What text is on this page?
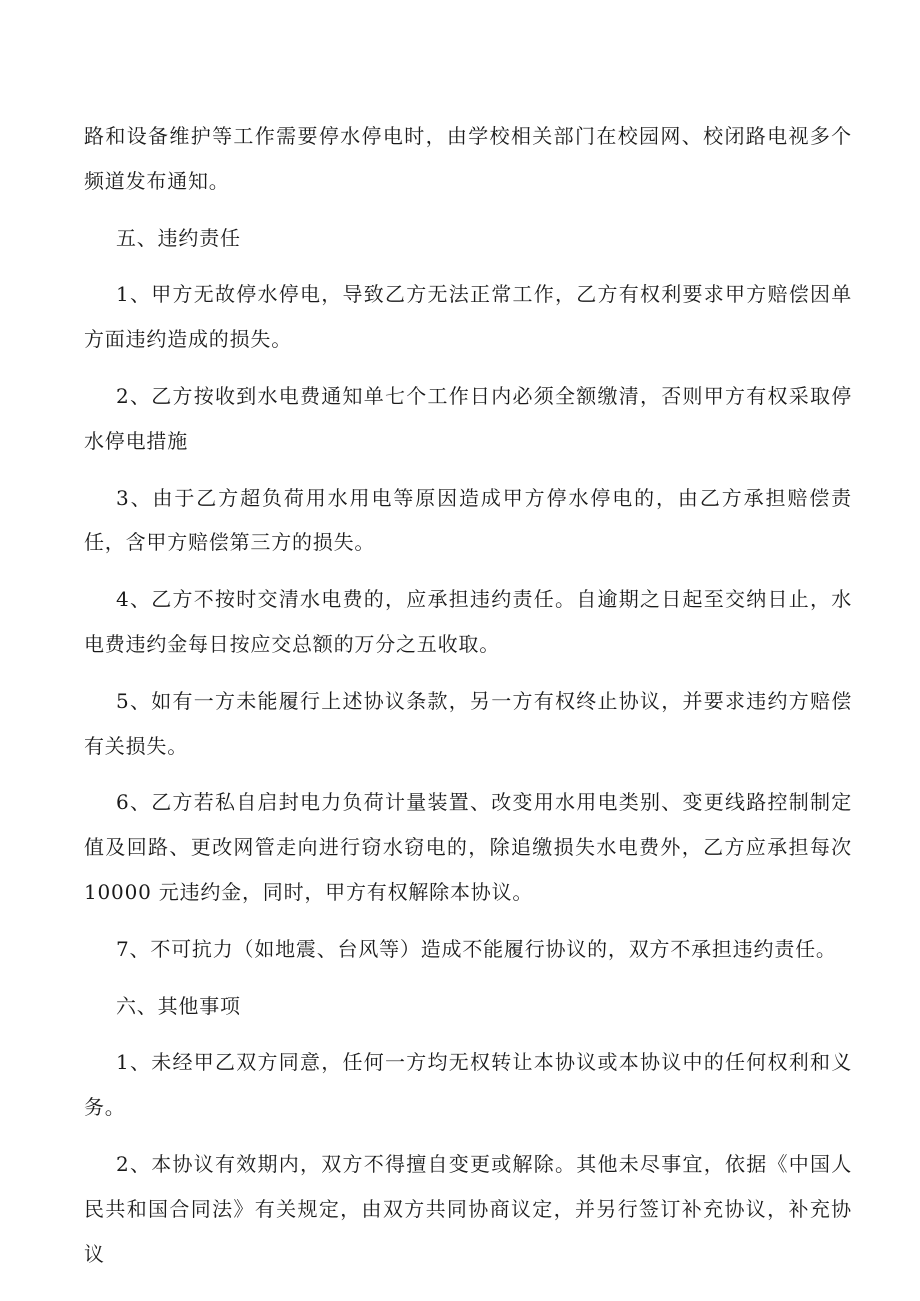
路和设备维护等工作需要停水停电时，由学校相关部门在校园网、校闭路电视多个频道发布通知。

五、违约责任

1、甲方无故停水停电，导致乙方无法正常工作，乙方有权利要求甲方赔偿因单方面违约造成的损失。

2、乙方按收到水电费通知单七个工作日内必须全额缴清，否则甲方有权采取停水停电措施

3、由于乙方超负荷用水用电等原因造成甲方停水停电的，由乙方承担赔偿责任，含甲方赔偿第三方的损失。

4、乙方不按时交清水电费的，应承担违约责任。自逾期之日起至交纳日止，水电费违约金每日按应交总额的万分之五收取。

5、如有一方未能履行上述协议条款，另一方有权终止协议，并要求违约方赔偿有关损失。

6、乙方若私自启封电力负荷计量装置、改变用水用电类别、变更线路控制制定值及回路、更改网管走向进行窃水窃电的，除追缴损失水电费外，乙方应承担每次10000 元违约金，同时，甲方有权解除本协议。

7、不可抗力（如地震、台风等）造成不能履行协议的，双方不承担违约责任。

六、其他事项

1、未经甲乙双方同意，任何一方均无权转让本协议或本协议中的任何权利和义务。

2、本协议有效期内，双方不得擅自变更或解除。其他未尽事宜，依据《中国人民共和国合同法》有关规定，由双方共同协商议定，并另行签订补充协议，补充协议
